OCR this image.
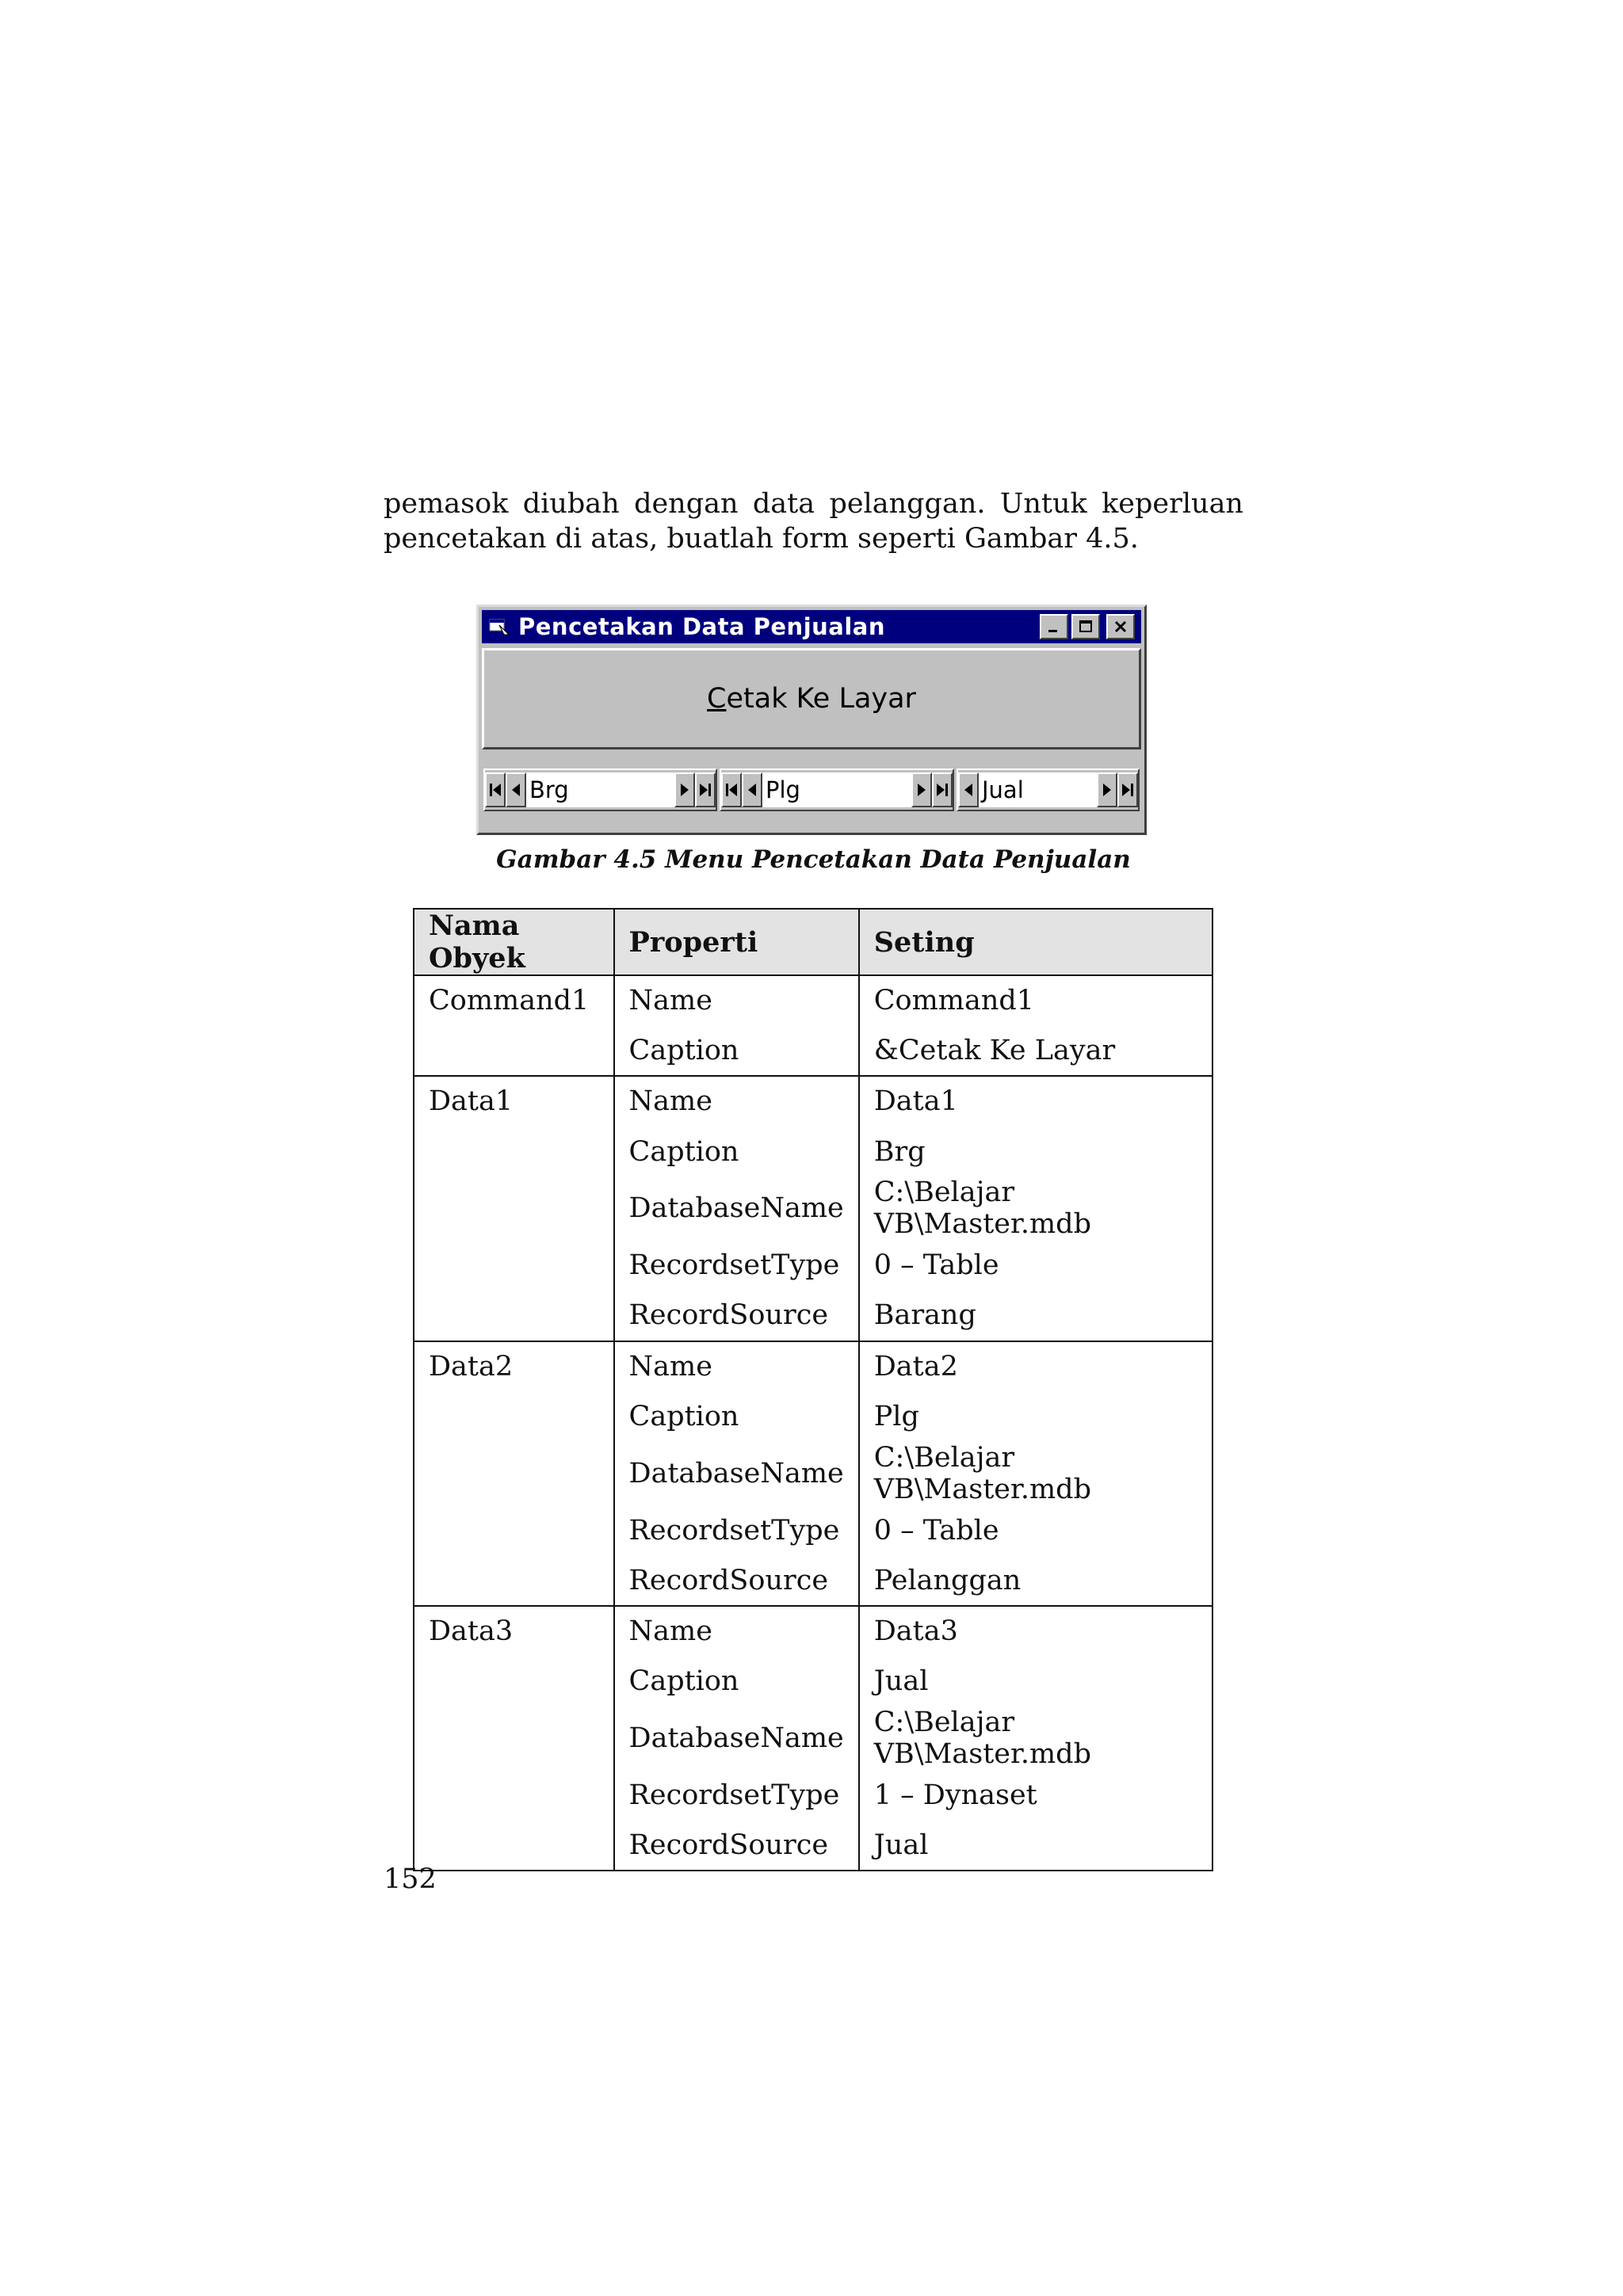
pemasok diubah dengan data pelanggan. Untuk keperluan
pencetakan di atas, buatlah form seperti Gambar 4.5.
Pencetakan Data Penjualan
C etak Ke Layar
Brg	Plg	Jual
Gambar 4.5 Menu Pencetakan Data Penjualan
Nama Obyek	Properti	Seting
Command1	Name	Command1
	Caption	&Cetak Ke Layar
Data1	Name	Data1
	Caption	Brg
	DatabaseName	C:\Belajar VB\Master.mdb
	RecordsetType	0 – Table
	RecordSource	Barang
Data2	Name	Data2
	Caption	Plg
	DatabaseName	C:\Belajar VB\Master.mdb
	RecordsetType	0 – Table
	RecordSource	Pelanggan
Data3	Name	Data3
	Caption	Jual
	DatabaseName	C:\Belajar VB\Master.mdb
	RecordsetType	1 – Dynaset
	RecordSource	Jual
152
